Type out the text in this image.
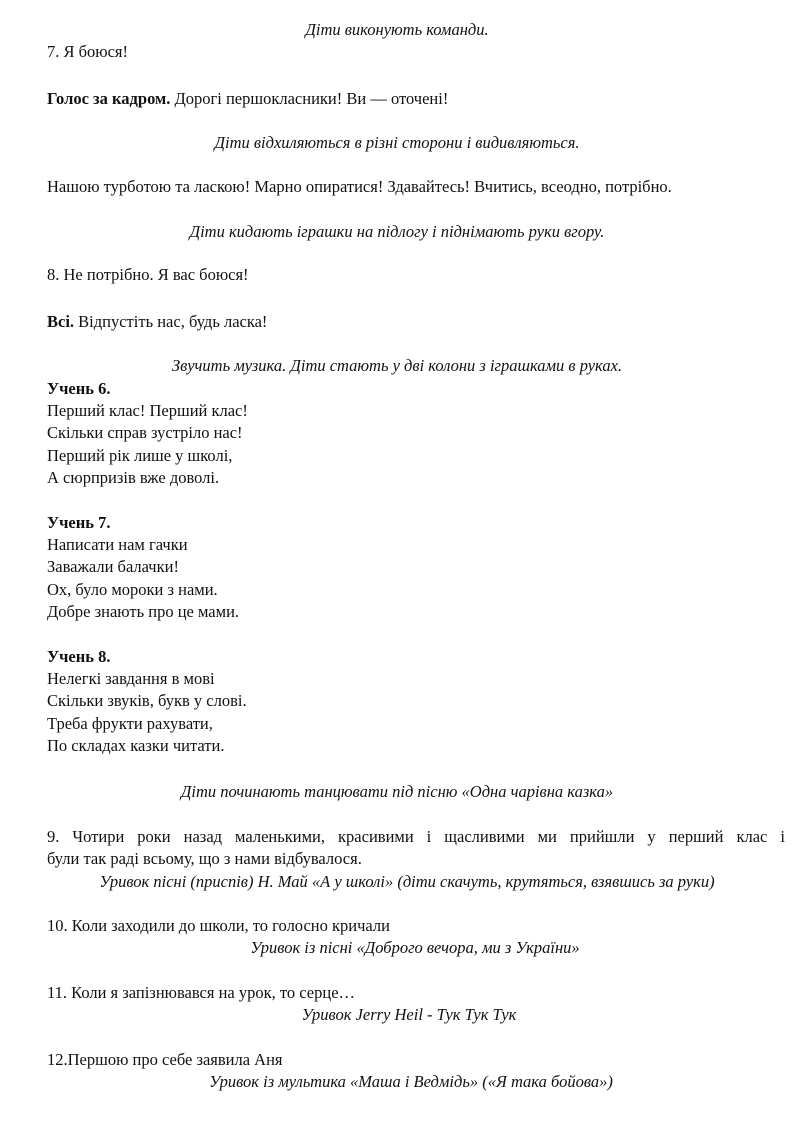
Діти виконують команди.
7. Я боюся!
Голос за кадром. Дорогі першокласники! Ви — оточені!
Діти відхиляються в різні сторони і видивляються.
Нашою турботою та ласкою! Марно опиратися! Здавайтесь! Вчитись, всеодно, потрібно.
Діти кидають іграшки на підлогу і піднімають руки вгору.
8. Не потрібно. Я вас боюся!
Всі. Відпустіть нас, будь ласка!
Звучить музика. Діти стають у дві колони з іграшками в руках.
Учень 6.
Перший клас! Перший клас!
Скільки справ зустріло нас!
Перший рік лише у школі,
А сюрпризів вже доволі.
Учень 7.
Написати нам гачки
Заважали балачки!
Ох, було мороки з нами.
Добре знають про це мами.
Учень 8.
Нелегкі завдання в мові
Скільки звуків, букв у слові.
Треба фрукти рахувати,
По складах казки читати.
Діти починають танцювати під пісню «Одна чарівна казка»
9. Чотири роки назад маленькими, красивими і щасливими ми прийшли у перший клас і
були так раді всьому, що з нами відбувалося.
Уривок пісні (приспів) Н. Май «А у школі» (діти скачуть, крутяться, взявшись за руки)
10. Коли заходили до школи, то голосно кричали
Уривок із пісні «Доброго вечора, ми з України»
11. Коли я запізнювався на урок, то серце…
Уривок Jerry Heil - Тук Тук Тук
12.Першою про себе заявила Аня
Уривок із мультика «Маша і Ведмідь» («Я така бойова»)
